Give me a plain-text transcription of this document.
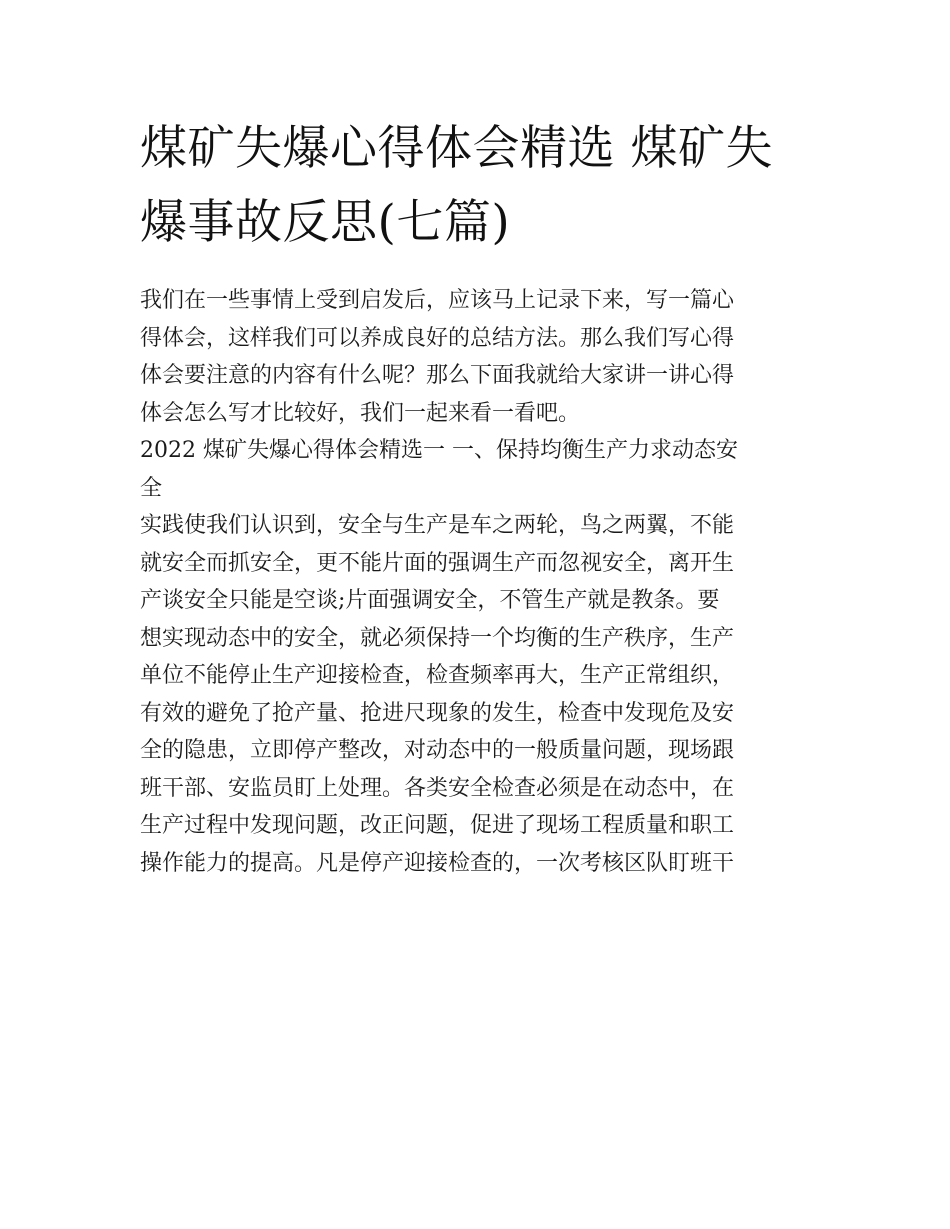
煤矿失爆心得体会精选 煤矿失
爆事故反思(七篇)
我们在一些事情上受到启发后，应该马上记录下来，写一篇心
得体会，这样我们可以养成良好的总结方法。那么我们写心得
体会要注意的内容有什么呢？那么下面我就给大家讲一讲心得
体会怎么写才比较好，我们一起来看一看吧。
2022 煤矿失爆心得体会精选一 一、保持均衡生产力求动态安
全
实践使我们认识到，安全与生产是车之两轮，鸟之两翼，不能
就安全而抓安全，更不能片面的强调生产而忽视安全，离开生
产谈安全只能是空谈;片面强调安全，不管生产就是教条。要
想实现动态中的安全，就必须保持一个均衡的生产秩序，生产
单位不能停止生产迎接检查，检查频率再大，生产正常组织，
有效的避免了抢产量、抢进尺现象的发生，检查中发现危及安
全的隐患，立即停产整改，对动态中的一般质量问题，现场跟
班干部、安监员盯上处理。各类安全检查必须是在动态中，在
生产过程中发现问题，改正问题，促进了现场工程质量和职工
操作能力的提高。凡是停产迎接检查的，一次考核区队盯班干
